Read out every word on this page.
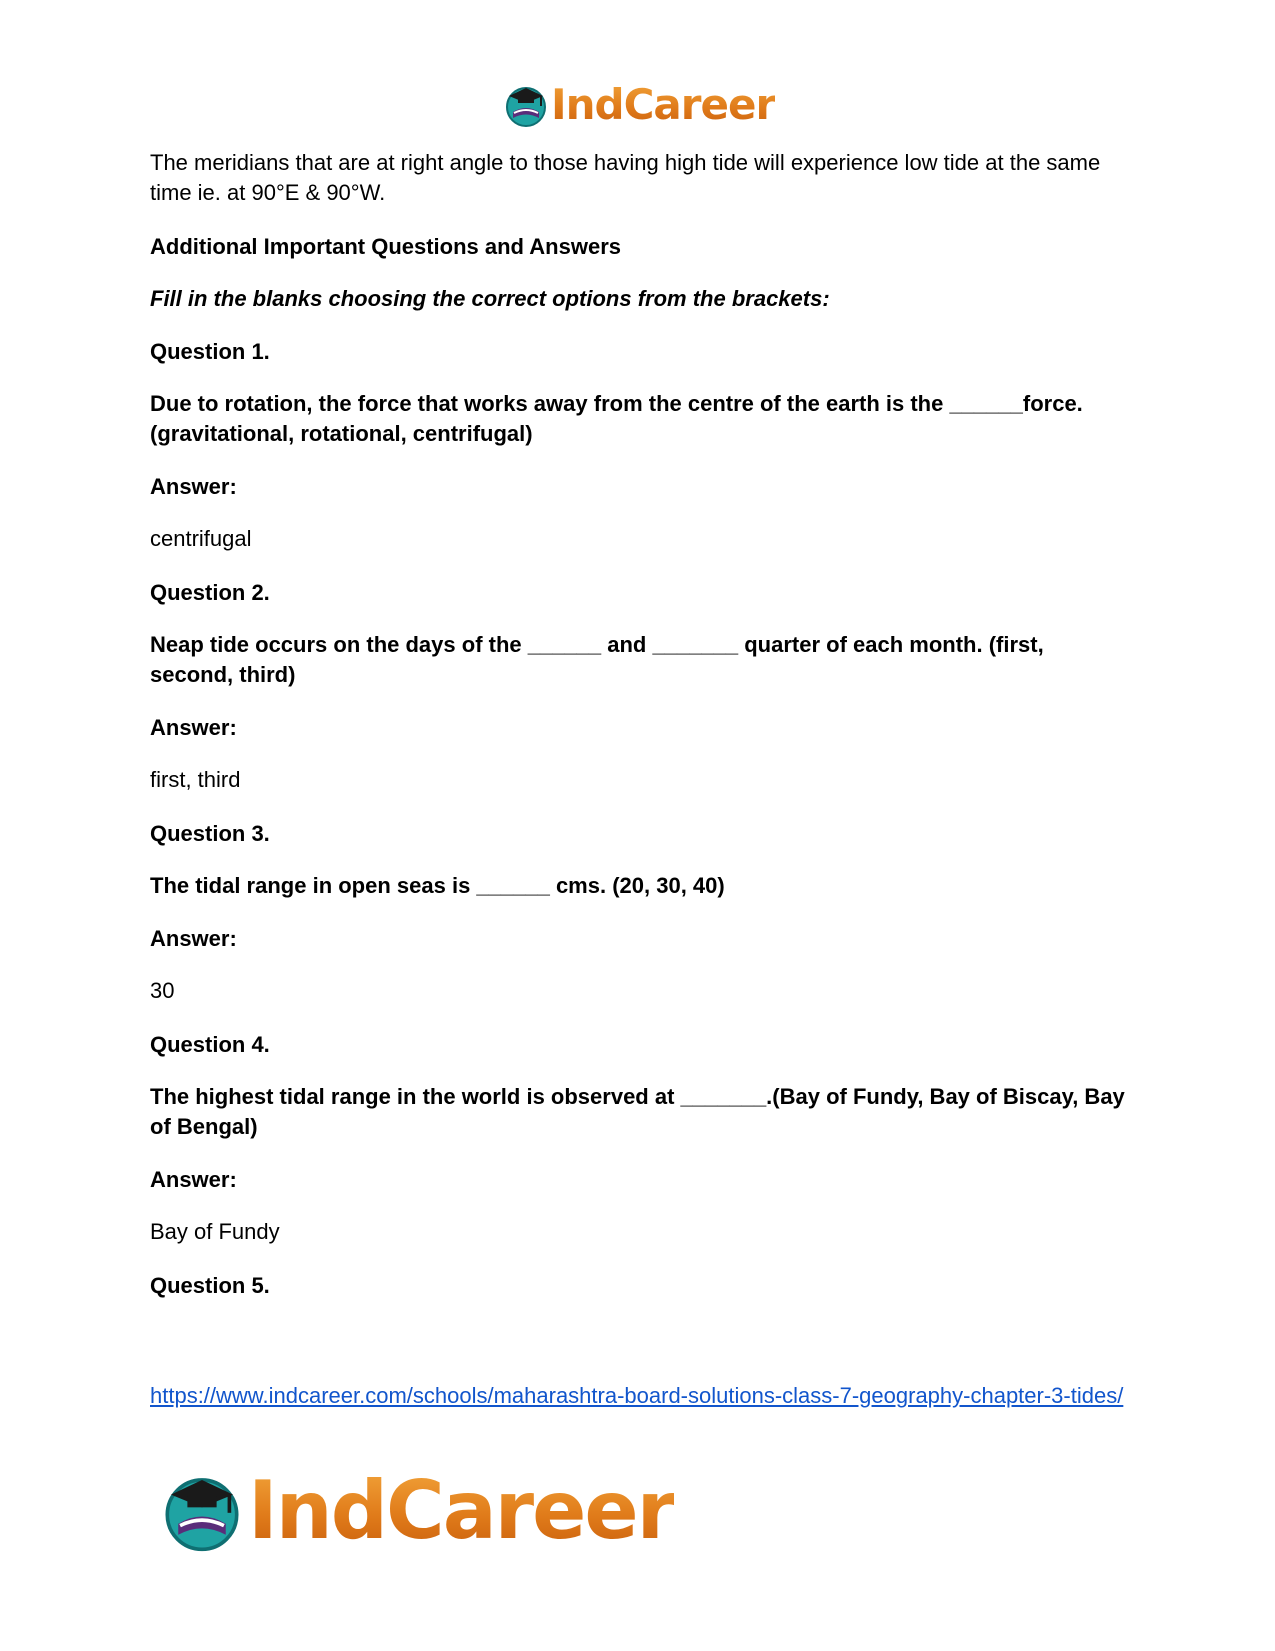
IndCareer

The meridians that are at right angle to those having high tide will experience low tide at the same time ie. at 90°E & 90°W.

Additional Important Questions and Answers

Fill in the blanks choosing the correct options from the brackets:

Question 1.

Due to rotation, the force that works away from the centre of the earth is the ______force. (gravitational, rotational, centrifugal)

Answer:

centrifugal

Question 2.

Neap tide occurs on the days of the ______ and _______ quarter of each month. (first, second, third)

Answer:

first, third

Question 3.

The tidal range in open seas is ______ cms. (20, 30, 40)

Answer:

30

Question 4.

The highest tidal range in the world is observed at _______.(Bay of Fundy, Bay of Biscay, Bay of Bengal)

Answer:

Bay of Fundy

Question 5.

https://www.indcareer.com/schools/maharashtra-board-solutions-class-7-geography-chapter-3-tides/
IndCareer
